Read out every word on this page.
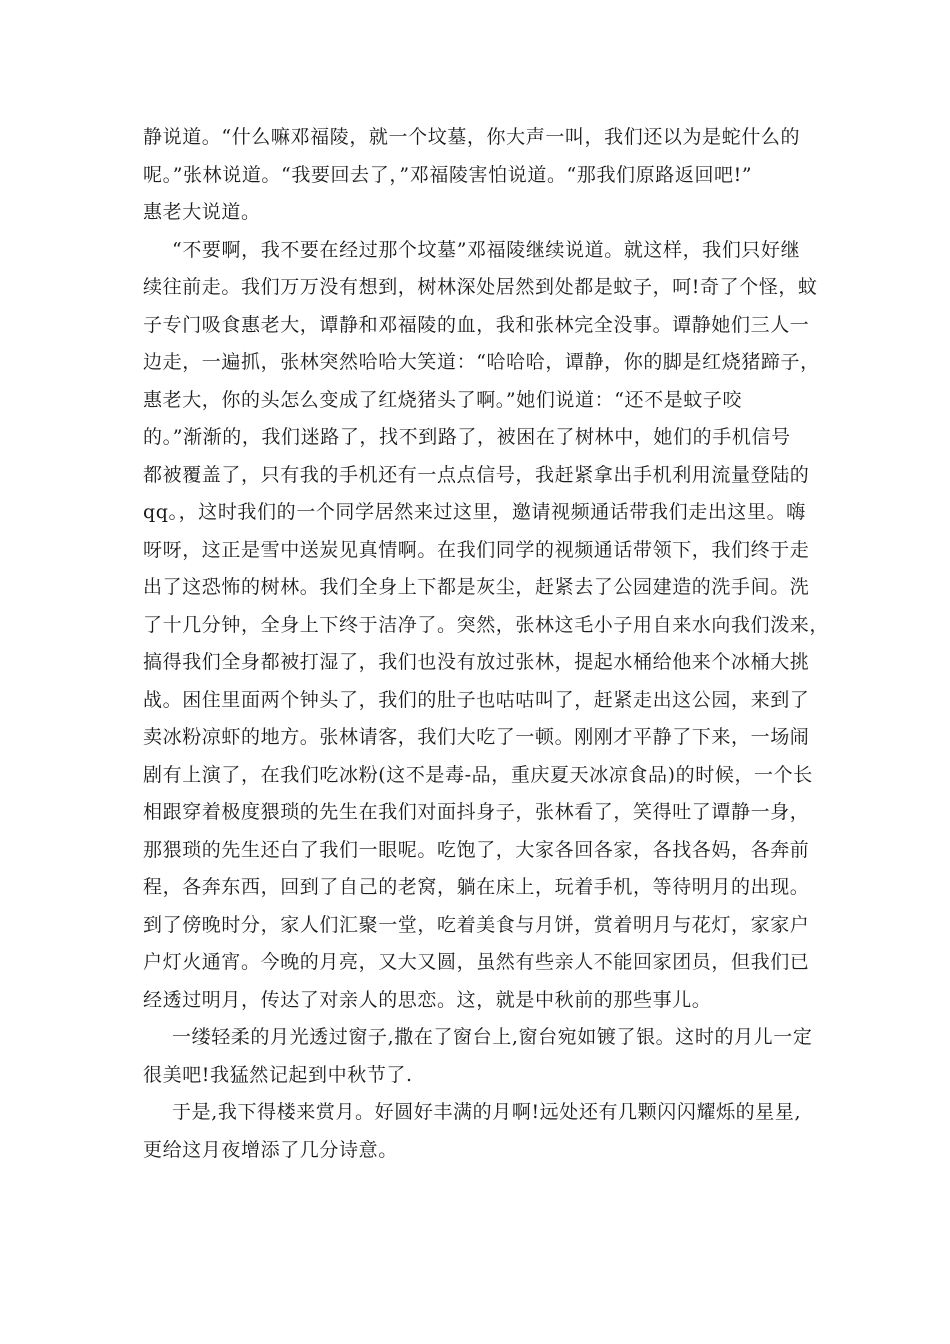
静说道。“什么嘛邓福陵，就一个坟墓，你大声一叫，我们还以为是蛇什么的
呢。”张林说道。“我要回去了，”邓福陵害怕说道。“那我们原路返回吧!”
惠老大说道。
“不要啊，我不要在经过那个坟墓”邓福陵继续说道。就这样，我们只好继
续往前走。我们万万没有想到，树林深处居然到处都是蚊子，呵!奇了个怪，蚊
子专门吸食惠老大，谭静和邓福陵的血，我和张林完全没事。谭静她们三人一
边走，一遍抓，张林突然哈哈大笑道：“哈哈哈，谭静，你的脚是红烧猪蹄子，
惠老大，你的头怎么变成了红烧猪头了啊。”她们说道：“还不是蚊子咬
的。”渐渐的，我们迷路了，找不到路了，被困在了树林中，她们的手机信号
都被覆盖了，只有我的手机还有一点点信号，我赶紧拿出手机利用流量登陆的
qq。，这时我们的一个同学居然来过这里，邀请视频通话带我们走出这里。嗨
呀呀，这正是雪中送炭见真情啊。在我们同学的视频通话带领下，我们终于走
出了这恐怖的树林。我们全身上下都是灰尘，赶紧去了公园建造的洗手间。洗
了十几分钟，全身上下终于洁净了。突然，张林这毛小子用自来水向我们泼来，
搞得我们全身都被打湿了，我们也没有放过张林，提起水桶给他来个冰桶大挑
战。困住里面两个钟头了，我们的肚子也咕咕叫了，赶紧走出这公园，来到了
卖冰粉凉虾的地方。张林请客，我们大吃了一顿。刚刚才平静了下来，一场闹
剧有上演了，在我们吃冰粉(这不是毒-品，重庆夏天冰凉食品)的时候，一个长
相跟穿着极度猥琐的先生在我们对面抖身子，张林看了，笑得吐了谭静一身，
那猥琐的先生还白了我们一眼呢。吃饱了，大家各回各家，各找各妈，各奔前
程，各奔东西，回到了自己的老窝，躺在床上，玩着手机，等待明月的出现。
到了傍晚时分，家人们汇聚一堂，吃着美食与月饼，赏着明月与花灯，家家户
户灯火通宵。今晚的月亮，又大又圆，虽然有些亲人不能回家团员，但我们已
经透过明月，传达了对亲人的思恋。这，就是中秋前的那些事儿。
一缕轻柔的月光透过窗子,撒在了窗台上,窗台宛如镀了银。这时的月儿一定
很美吧!我猛然记起到中秋节了.
于是,我下得楼来赏月。好圆好丰满的月啊!远处还有几颗闪闪耀烁的星星,
更给这月夜增添了几分诗意。
